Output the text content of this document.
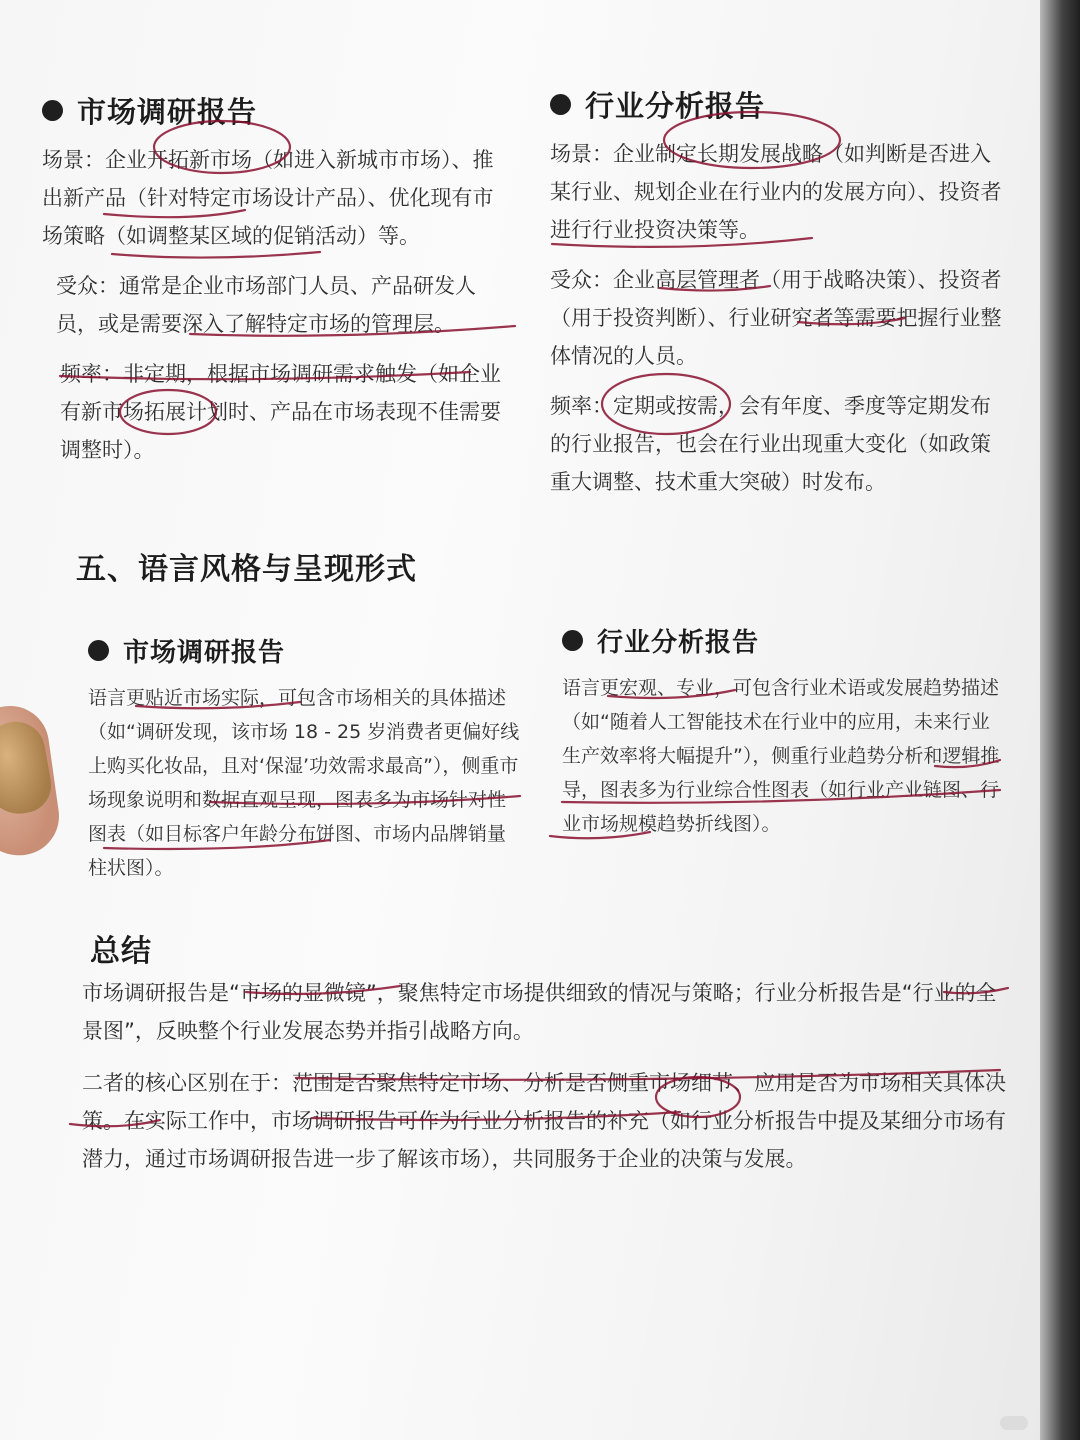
市场调研报告

场景：企业开拓新市场（如进入新城市市场）、推出新产品（针对特定市场设计产品）、优化现有市场策略（如调整某区域的促销活动）等。

受众：通常是企业市场部门人员、产品研发人员，或是需要深入了解特定市场的管理层。

频率：非定期，根据市场调研需求触发（如企业有新市场拓展计划时、产品在市场表现不佳需要调整时）。

行业分析报告

场景：企业制定长期发展战略（如判断是否进入某行业、规划企业在行业内的发展方向）、投资者进行行业投资决策等。

受众：企业高层管理者（用于战略决策）、投资者（用于投资判断）、行业研究者等需要把握行业整体情况的人员。

频率：定期或按需，会有年度、季度等定期发布的行业报告，也会在行业出现重大变化（如政策重大调整、技术重大突破）时发布。

五、语言风格与呈现形式
市场调研报告

语言更贴近市场实际，可包含市场相关的具体描述（如“调研发现，该市场 18 - 25 岁消费者更偏好线上购买化妆品，且对‘保湿’功效需求最高”），侧重市场现象说明和数据直观呈现，图表多为市场针对性图表（如目标客户年龄分布饼图、市场内品牌销量柱状图）。

行业分析报告

语言更宏观、专业，可包含行业术语或发展趋势描述（如“随着人工智能技术在行业中的应用，未来行业生产效率将大幅提升”），侧重行业趋势分析和逻辑推导，图表多为行业综合性图表（如行业产业链图、行业市场规模趋势折线图）。

总结

市场调研报告是“市场的显微镜”，聚焦特定市场提供细致的情况与策略；行业分析报告是“行业的全景图”，反映整个行业发展态势并指引战略方向。

二者的核心区别在于：范围是否聚焦特定市场、分析是否侧重市场细节、应用是否为市场相关具体决策。在实际工作中，市场调研报告可作为行业分析报告的补充（如行业分析报告中提及某细分市场有潜力，通过市场调研报告进一步了解该市场），共同服务于企业的决策与发展。
